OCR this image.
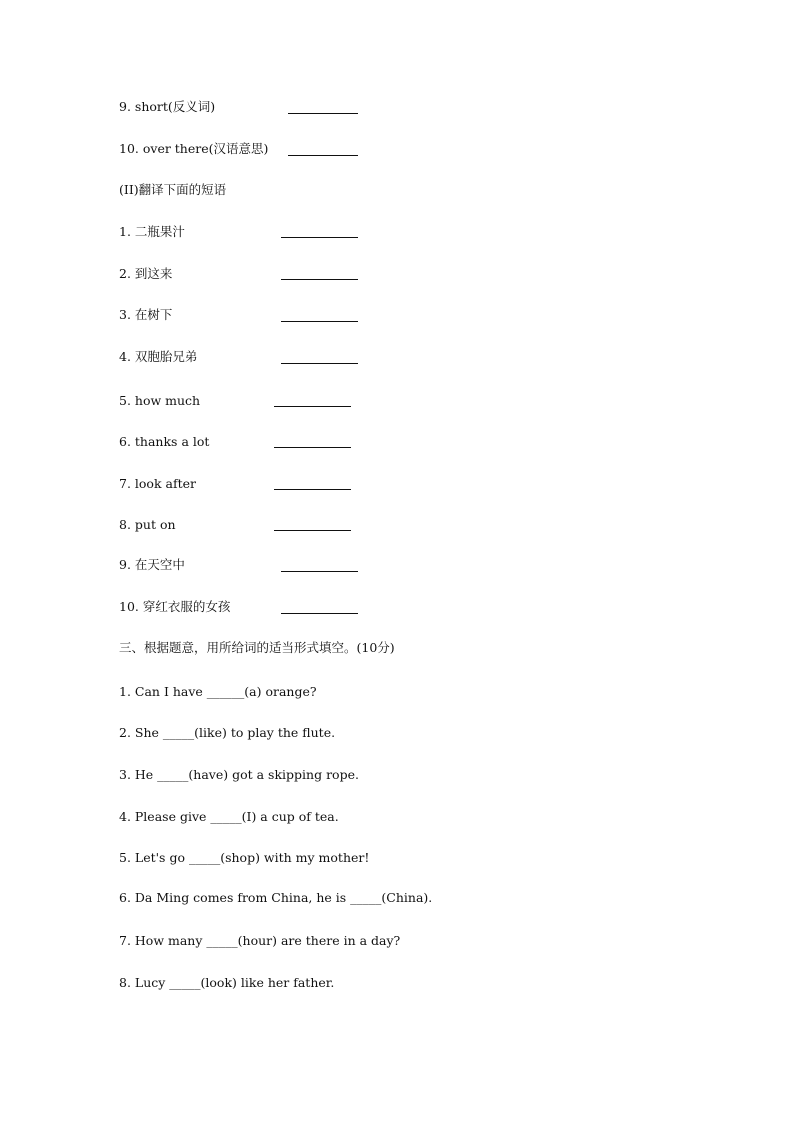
9. short(反义词)
10. over there(汉语意思)
(II)翻译下面的短语
1. 二瓶果汁
2. 到这来
3. 在树下
4. 双胞胎兄弟
5. how much
6. thanks a lot
7. look after
8. put on
9. 在天空中
10. 穿红衣服的女孩
三、根据题意，用所给词的适当形式填空。(10分)
1. Can I have ______(a) orange?
2. She _____(like) to play the flute.
3. He _____(have) got a skipping rope.
4. Please give _____(I) a cup of tea.
5. Let's go _____(shop) with my mother!
6. Da Ming comes from China, he is _____(China).
7. How many _____(hour) are there in a day?
8. Lucy _____(look) like her father.
